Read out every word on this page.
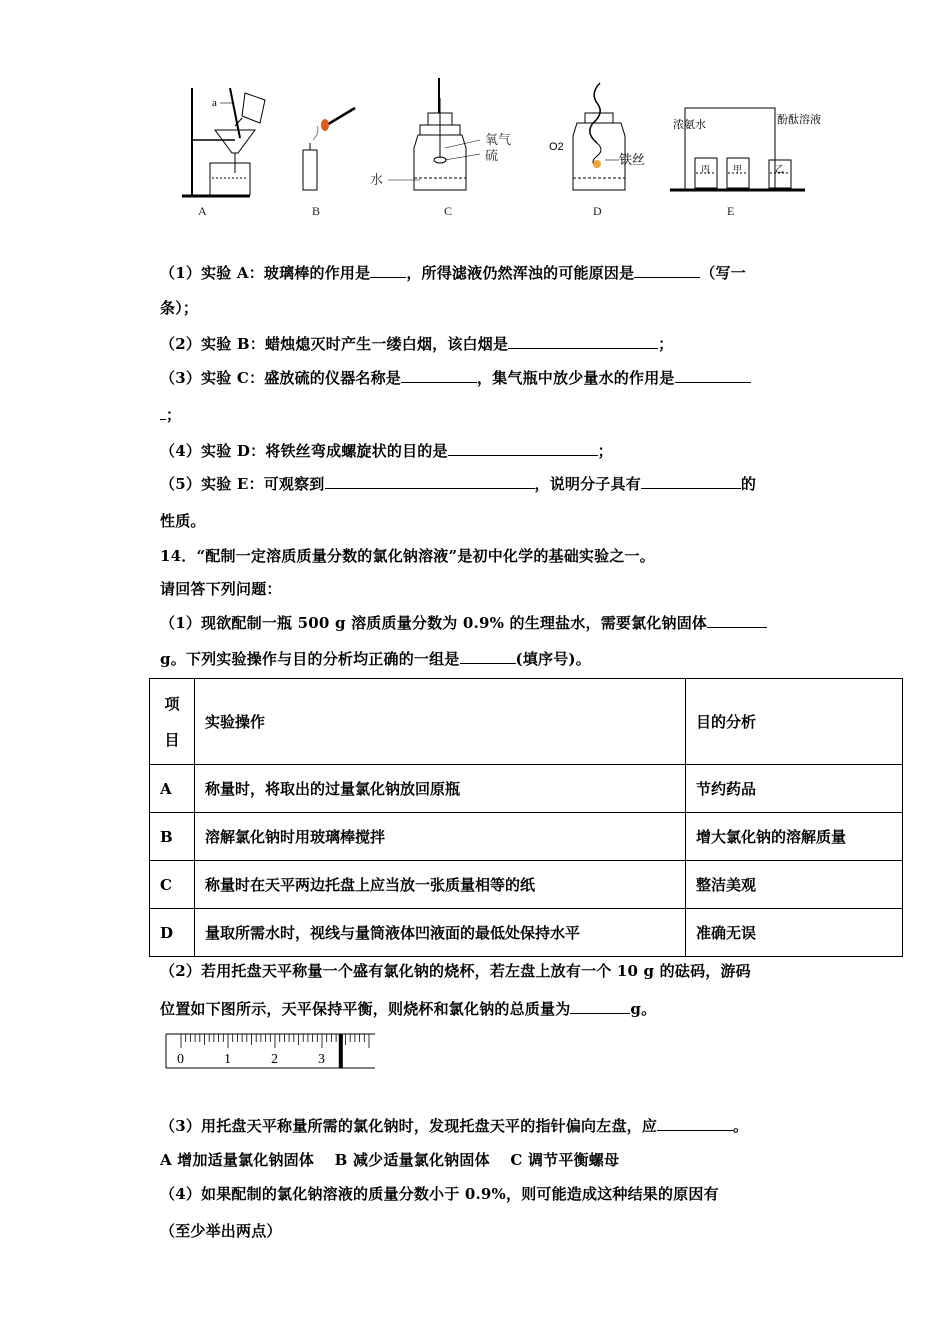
a
A	B
氧气
硫
水
C
O2
铁丝
D
浓氨水	酚酞溶液
丙	甲	乙
E
（1）实验 A：玻璃棒的作用是 ，所得滤液仍然浑浊的可能原因是	（写一
条）；
（2）实验 B：蜡烛熄灭时产生一缕白烟，该白烟是	；
（3）实验 C：盛放硫的仪器名称是	，集气瓶中放少量水的作用是
；
（4）实验 D：将铁丝弯成螺旋状的目的是	；
（5）实验 E：可观察到	，说明分子具有	的
性质。
14．“配制一定溶质质量分数的氯化钠溶液”是初中化学的基础实验之一。
请回答下列问题：
（1）现欲配制一瓶 500 g 溶质质量分数为 0.9% 的生理盐水，需要氯化钠固体
g。下列实验操作与目的分析均正确的一组是	(填序号)。
项目	实验操作	目的分析
A	称量时，将取出的过量氯化钠放回原瓶	节约药品
B	溶解氯化钠时用玻璃棒搅拌	增大氯化钠的溶解质量
C	称量时在天平两边托盘上应当放一张质量相等的纸	整洁美观
D	量取所需水时，视线与量筒液体凹液面的最低处保持水平	准确无误
（2）若用托盘天平称量一个盛有氯化钠的烧杯，若左盘上放有一个 10 g 的砝码，游码
位置如下图所示，天平保持平衡，则烧杯和氯化钠的总质量为	g。
0	1	2	3
（3）用托盘天平称量所需的氯化钠时，发现托盘天平的指针偏向左盘，应	。
A 增加适量氯化钠固体　 B 减少适量氯化钠固体　 C 调节平衡螺母
（4）如果配制的氯化钠溶液的质量分数小于 0.9%，则可能造成这种结果的原因有
（至少举出两点）
